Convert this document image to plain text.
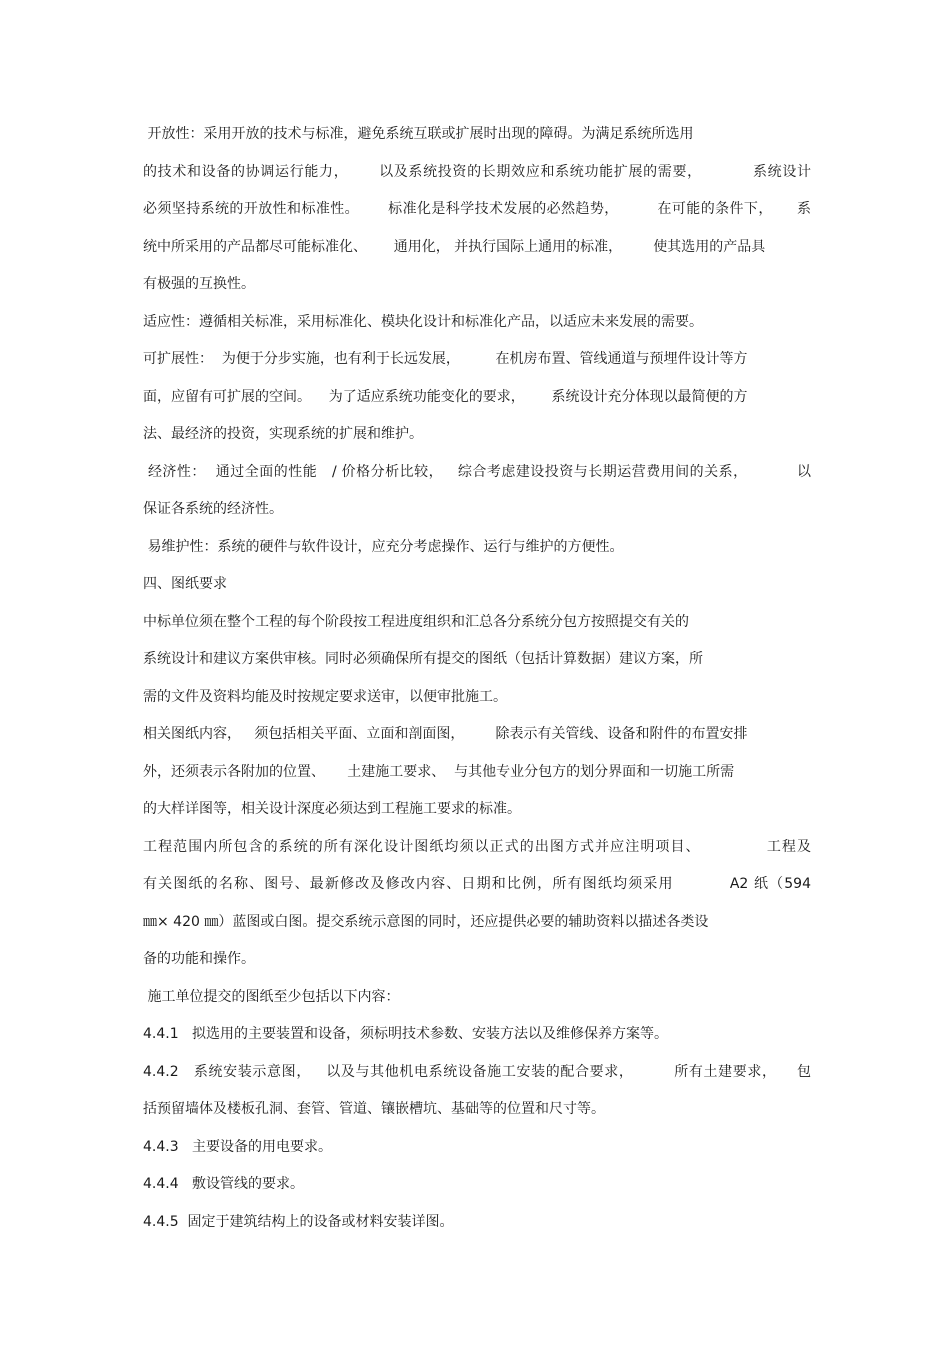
开放性：采用开放的技术与标准，避免系统互联或扩展时出现的障碍。为满足系统所选用
的技术和设备的协调运行能力，      以及系统投资的长期效应和系统功能扩展的需要，          系统设计
必须坚持系统的开放性和标准性。      标准化是科学技术发展的必然趋势，        在可能的条件下，     系
统中所采用的产品都尽可能标准化、      通用化， 并执行国际上通用的标准，       使其选用的产品具
有极强的互换性。
适应性：遵循相关标准，采用标准化、模块化设计和标准化产品，以适应未来发展的需要。
可扩展性：  为便于分步实施，也有利于长远发展，        在机房布置、管线通道与预埋件设计等方
面，应留有可扩展的空间。    为了适应系统功能变化的要求，      系统设计充分体现以最简便的方
法、最经济的投资，实现系统的扩展和维护。
经济性：  通过全面的性能   / 价格分析比较，   综合考虑建设投资与长期运营费用间的关系，          以
保证各系统的经济性。
易维护性：系统的硬件与软件设计，应充分考虑操作、运行与维护的方便性。
四、图纸要求
中标单位须在整个工程的每个阶段按工程进度组织和汇总各分系统分包方按照提交有关的
系统设计和建议方案供审核。同时必须确保所有提交的图纸（包括计算数据）建议方案，所
需的文件及资料均能及时按规定要求送审，以便审批施工。
相关图纸内容，   须包括相关平面、立面和剖面图，       除表示有关管线、设备和附件的布置安排
外，还须表示各附加的位置、     土建施工要求、  与其他专业分包方的划分界面和一切施工所需
的大样详图等，相关设计深度必须达到工程施工要求的标准。
工程范围内所包含的系统的所有深化设计图纸均须以正式的出图方式并应注明项目、            工程及
有关图纸的名称、图号、最新修改及修改内容、日期和比例，所有图纸均须采用          A2 纸（594
㎜× 420 ㎜）蓝图或白图。提交系统示意图的同时，还应提供必要的辅助资料以描述各类设
备的功能和操作。
施工单位提交的图纸至少包括以下内容：
4.4.1   拟选用的主要装置和设备，须标明技术参数、安装方法以及维修保养方案等。
4.4.2   系统安装示意图，   以及与其他机电系统设备施工安装的配合要求，        所有土建要求，    包
括预留墙体及楼板孔洞、套管、管道、镶嵌槽坑、基础等的位置和尺寸等。
4.4.3   主要设备的用电要求。
4.4.4   敷设管线的要求。
4.4.5  固定于建筑结构上的设备或材料安装详图。
